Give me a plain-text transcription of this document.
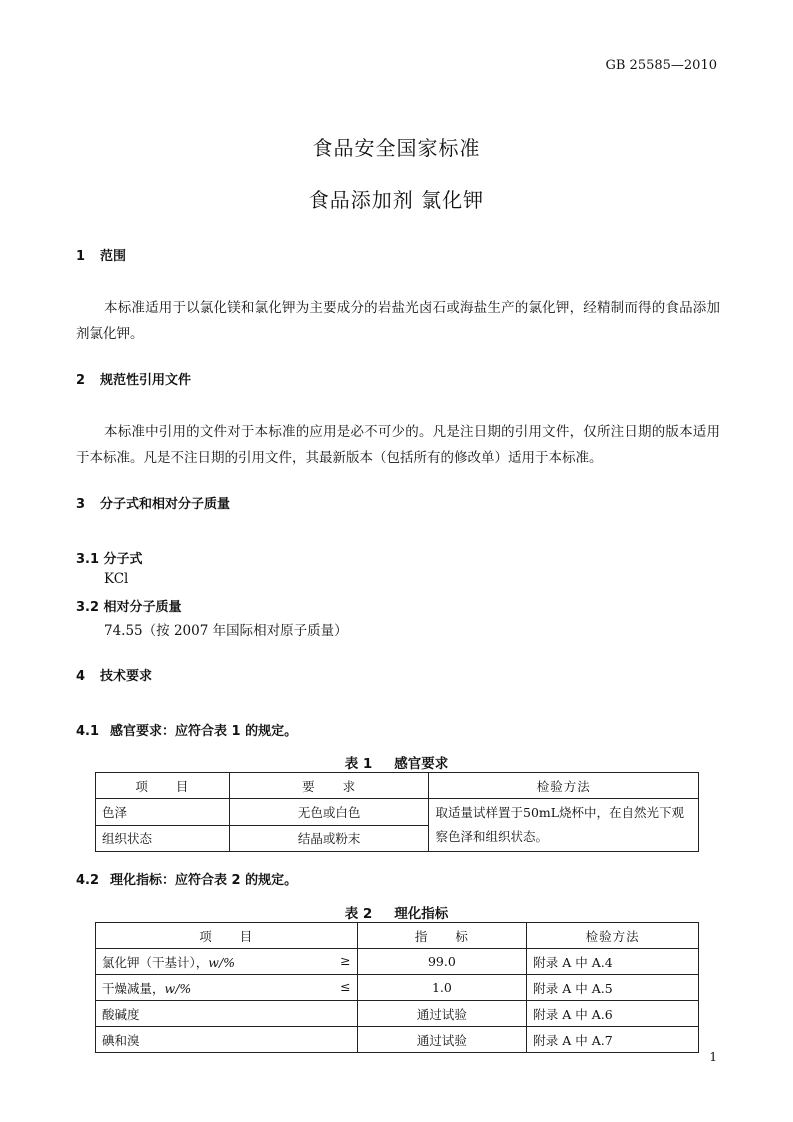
GB 25585—2010
食品安全国家标准
食品添加剂 氯化钾
1 范围
本标准适用于以氯化镁和氯化钾为主要成分的岩盐光卤石或海盐生产的氯化钾，经精制而得的食品添加剂氯化钾。
2 规范性引用文件
本标准中引用的文件对于本标准的应用是必不可少的。凡是注日期的引用文件，仅所注日期的版本适用于本标准。凡是不注日期的引用文件，其最新版本（包括所有的修改单）适用于本标准。
3 分子式和相对分子质量
3.1 分子式
KCl
3.2 相对分子质量
74.55（按 2007 年国际相对原子质量）
4 技术要求
4.1 感官要求：应符合表 1 的规定。
表 1 感官要求
项　　目	要　　求	检验方法
色泽	无色或白色	取适量试样置于50mL烧杯中，在自然光下观察色泽和组织状态。
组织状态	结晶或粉末	
4.2 理化指标：应符合表 2 的规定。
表 2 理化指标
项　　目	指　　标	检验方法
氯化钾（干基计），w/% ≥	99.0	附录 A 中 A.4
干燥减量，w/% ≤	1.0	附录 A 中 A.5
酸碱度	通过试验	附录 A 中 A.6
碘和溴	通过试验	附录 A 中 A.7
1
